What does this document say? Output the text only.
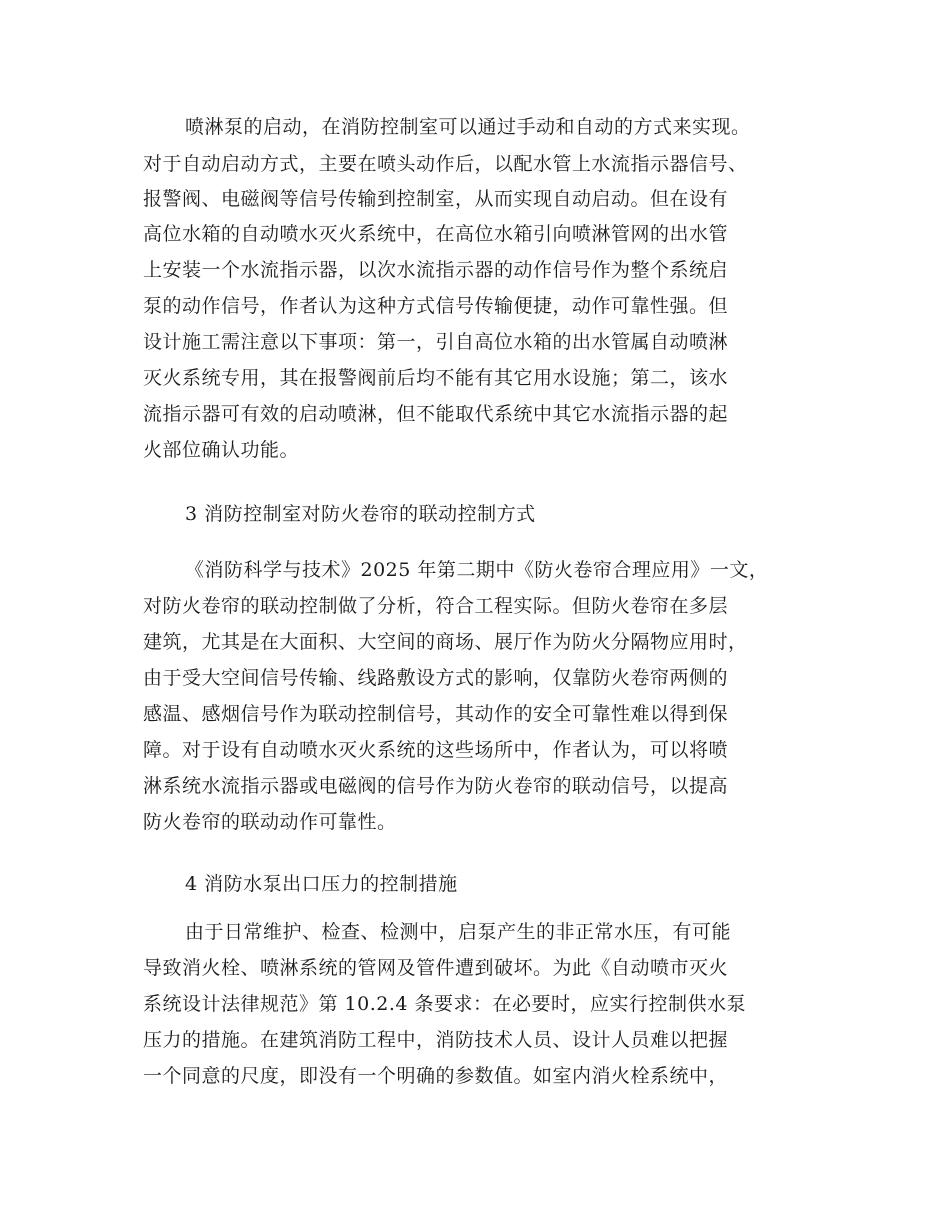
喷淋泵的启动，在消防控制室可以通过手动和自动的方式来实现。
对于自动启动方式，主要在喷头动作后，以配水管上水流指示器信号、
报警阀、电磁阀等信号传输到控制室，从而实现自动启动。但在设有
高位水箱的自动喷水灭火系统中，在高位水箱引向喷淋管网的出水管
上安装一个水流指示器，以次水流指示器的动作信号作为整个系统启
泵的动作信号，作者认为这种方式信号传输便捷，动作可靠性强。但
设计施工需注意以下事项：第一，引自高位水箱的出水管属自动喷淋
灭火系统专用，其在报警阀前后均不能有其它用水设施；第二，该水
流指示器可有效的启动喷淋，但不能取代系统中其它水流指示器的起
火部位确认功能。
3 消防控制室对防火卷帘的联动控制方式
《消防科学与技术》2025 年第二期中《防火卷帘合理应用》一文，
对防火卷帘的联动控制做了分析，符合工程实际。但防火卷帘在多层
建筑，尤其是在大面积、大空间的商场、展厅作为防火分隔物应用时，
由于受大空间信号传输、线路敷设方式的影响，仅靠防火卷帘两侧的
感温、感烟信号作为联动控制信号，其动作的安全可靠性难以得到保
障。对于设有自动喷水灭火系统的这些场所中，作者认为，可以将喷
淋系统水流指示器或电磁阀的信号作为防火卷帘的联动信号，以提高
防火卷帘的联动动作可靠性。
4 消防水泵出口压力的控制措施
由于日常维护、检查、检测中，启泵产生的非正常水压，有可能
导致消火栓、喷淋系统的管网及管件遭到破坏。为此《自动喷市灭火
系统设计法律规范》第 10.2.4 条要求：在必要时，应实行控制供水泵
压力的措施。在建筑消防工程中，消防技术人员、设计人员难以把握
一个同意的尺度，即没有一个明确的参数值。如室内消火栓系统中，
